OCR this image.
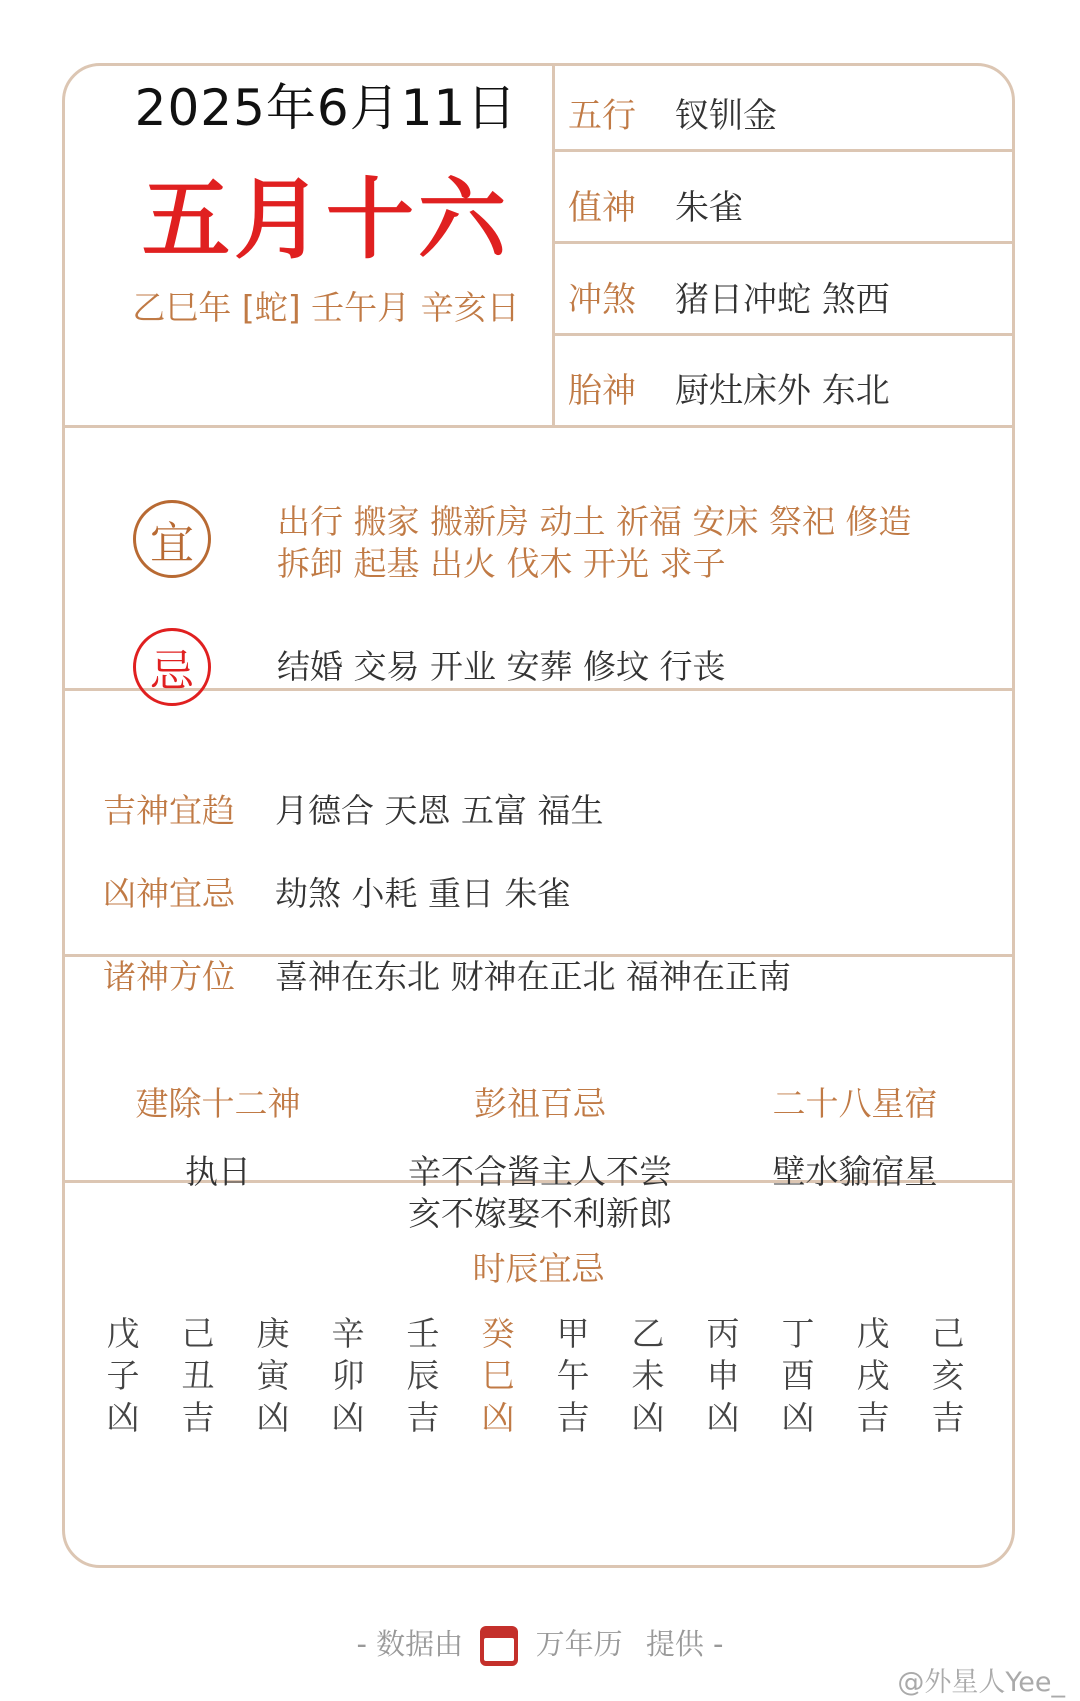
2025年6月11日
五月十六
乙巳年 [蛇] 壬午月 辛亥日
五行 钗钏金
值神 朱雀
冲煞 猪日冲蛇 煞西
胎神 厨灶床外 东北
宜	出行 搬家 搬新房 动土 祈福 安床 祭祀 修造
拆卸 起基 出火 伐木 开光 求子
忌	结婚 交易 开业 安葬 修坟 行丧
吉神宜趋 月德合 天恩 五富 福生
凶神宜忌 劫煞 小耗 重日 朱雀
诸神方位 喜神在东北 财神在正北 福神在正南
建除十二神
执日
彭祖百忌
辛不合酱主人不尝
亥不嫁娶不利新郎
二十八星宿
壁水貐宿星
时辰宜忌
戊
子
凶
己
丑
吉
庚
寅
凶
辛
卯
凶
壬
辰
吉
癸
巳
凶
甲
午
吉
乙
未
凶
丙
申
凶
丁
酉
凶
戊
戌
吉
己
亥
吉
- 数据由 万年历 提供 -
@外星人Yee_
